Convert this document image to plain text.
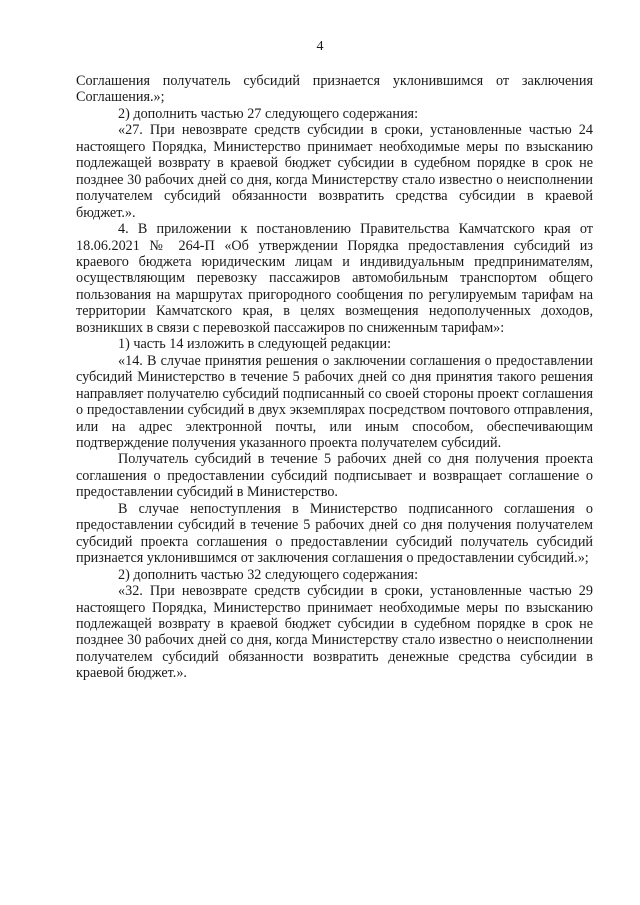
4

Соглашения получатель субсидий признается уклонившимся от заключения Соглашения.»;

2) дополнить частью 27 следующего содержания:

«27. При невозврате средств субсидии в сроки, установленные частью 24 настоящего Порядка, Министерство принимает необходимые меры по взысканию подлежащей возврату в краевой бюджет субсидии в судебном порядке в срок не позднее 30 рабочих дней со дня, когда Министерству стало известно о неисполнении получателем субсидий обязанности возвратить средства субсидии в краевой бюджет.».

4. В приложении к постановлению Правительства Камчатского края от 18.06.2021 № 264-П «Об утверждении Порядка предоставления субсидий из краевого бюджета юридическим лицам и индивидуальным предпринимателям, осуществляющим перевозку пассажиров автомобильным транспортом общего пользования на маршрутах пригородного сообщения по регулируемым тарифам на территории Камчатского края, в целях возмещения недополученных доходов, возникших в связи с перевозкой пассажиров по сниженным тарифам»:

1) часть 14 изложить в следующей редакции:

«14. В случае принятия решения о заключении соглашения о предоставлении субсидий Министерство в течение 5 рабочих дней со дня принятия такого решения направляет получателю субсидий подписанный со своей стороны проект соглашения о предоставлении субсидий в двух экземплярах посредством почтового отправления, или на адрес электронной почты, или иным способом, обеспечивающим подтверждение получения указанного проекта получателем субсидий.

Получатель субсидий в течение 5 рабочих дней со дня получения проекта соглашения о предоставлении субсидий подписывает и возвращает соглашение о предоставлении субсидий в Министерство.

В случае непоступления в Министерство подписанного соглашения о предоставлении субсидий в течение 5 рабочих дней со дня получения получателем субсидий проекта соглашения о предоставлении субсидий получатель субсидий признается уклонившимся от заключения соглашения о предоставлении субсидий.»;

2) дополнить частью 32 следующего содержания:

«32. При невозврате средств субсидии в сроки, установленные частью 29 настоящего Порядка, Министерство принимает необходимые меры по взысканию подлежащей возврату в краевой бюджет субсидии в судебном порядке в срок не позднее 30 рабочих дней со дня, когда Министерству стало известно о неисполнении получателем субсидий обязанности возвратить денежные средства субсидии в краевой бюджет.».
